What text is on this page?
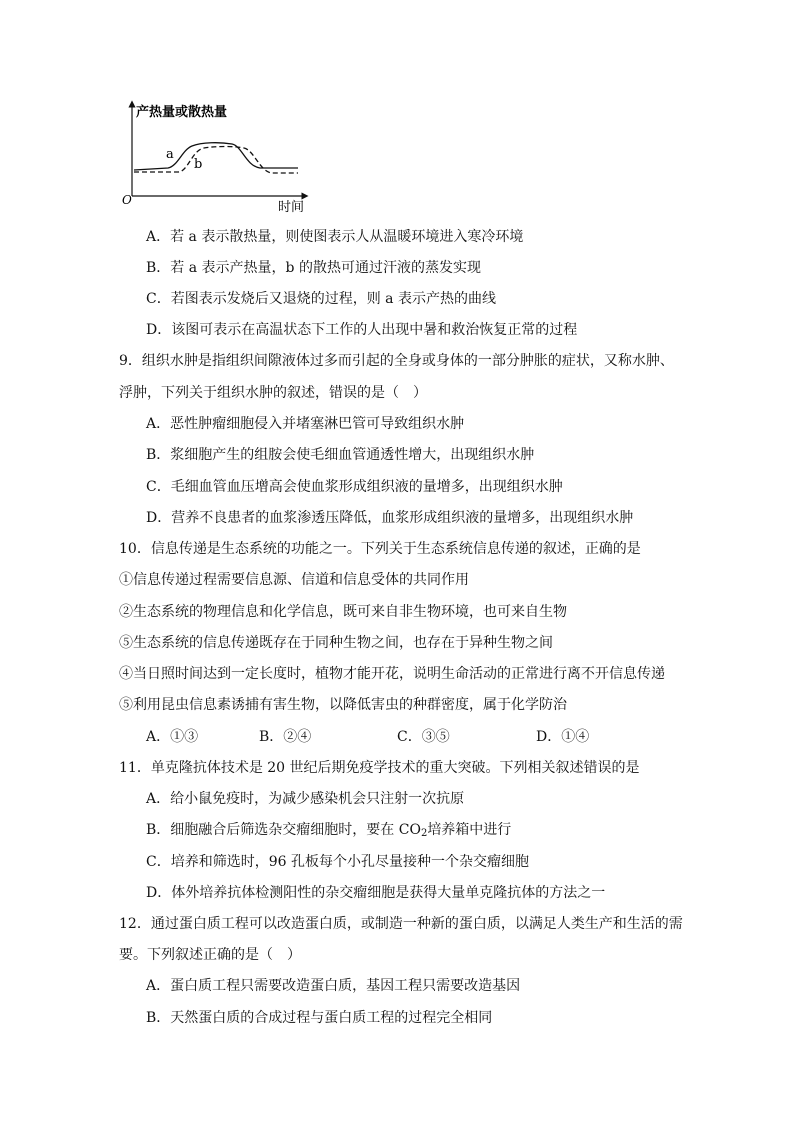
产热量或散热量
a
b
O	时间
A．若 a 表示散热量，则使图表示人从温暖环境进入寒冷环境
B．若 a 表示产热量，b 的散热可通过汗液的蒸发实现
C．若图表示发烧后又退烧的过程，则 a 表示产热的曲线
D．该图可表示在高温状态下工作的人出现中暑和救治恢复正常的过程
9．组织水肿是指组织间隙液体过多而引起的全身或身体的一部分肿胀的症状，又称水肿、
浮肿，下列关于组织水肿的叙述，错误的是（　）
A．恶性肿瘤细胞侵入并堵塞淋巴管可导致组织水肿
B．浆细胞产生的组胺会使毛细血管通透性增大，出现组织水肿
C．毛细血管血压增高会使血浆形成组织液的量增多，出现组织水肿
D．营养不良患者的血浆渗透压降低，血浆形成组织液的量增多，出现组织水肿
10．信息传递是生态系统的功能之一。下列关于生态系统信息传递的叙述，正确的是
①信息传递过程需要信息源、信道和信息受体的共同作用
②生态系统的物理信息和化学信息，既可来自非生物环境，也可来自生物
⑤生态系统的信息传递既存在于同种生物之间，也存在于异种生物之间
④当日照时间达到一定长度时，植物才能开花，说明生命活动的正常进行离不开信息传递
⑤利用昆虫信息素诱捕有害生物，以降低害虫的种群密度，属于化学防治
A．①③	B．②④	C．③⑤	D．①④
11．单克隆抗体技术是 20 世纪后期免疫学技术的重大突破。下列相关叙述错误的是
A．给小鼠免疫时，为减少感染机会只注射一次抗原
B．细胞融合后筛选杂交瘤细胞时，要在 $CO_2$培养箱中进行
C．培养和筛选时，96 孔板每个小孔尽量接种一个杂交瘤细胞
D．体外培养抗体检测阳性的杂交瘤细胞是获得大量单克隆抗体的方法之一
12．通过蛋白质工程可以改造蛋白质，或制造一种新的蛋白质，以满足人类生产和生活的需
要。下列叙述正确的是（　）
A．蛋白质工程只需要改造蛋白质，基因工程只需要改造基因
B．天然蛋白质的合成过程与蛋白质工程的过程完全相同
